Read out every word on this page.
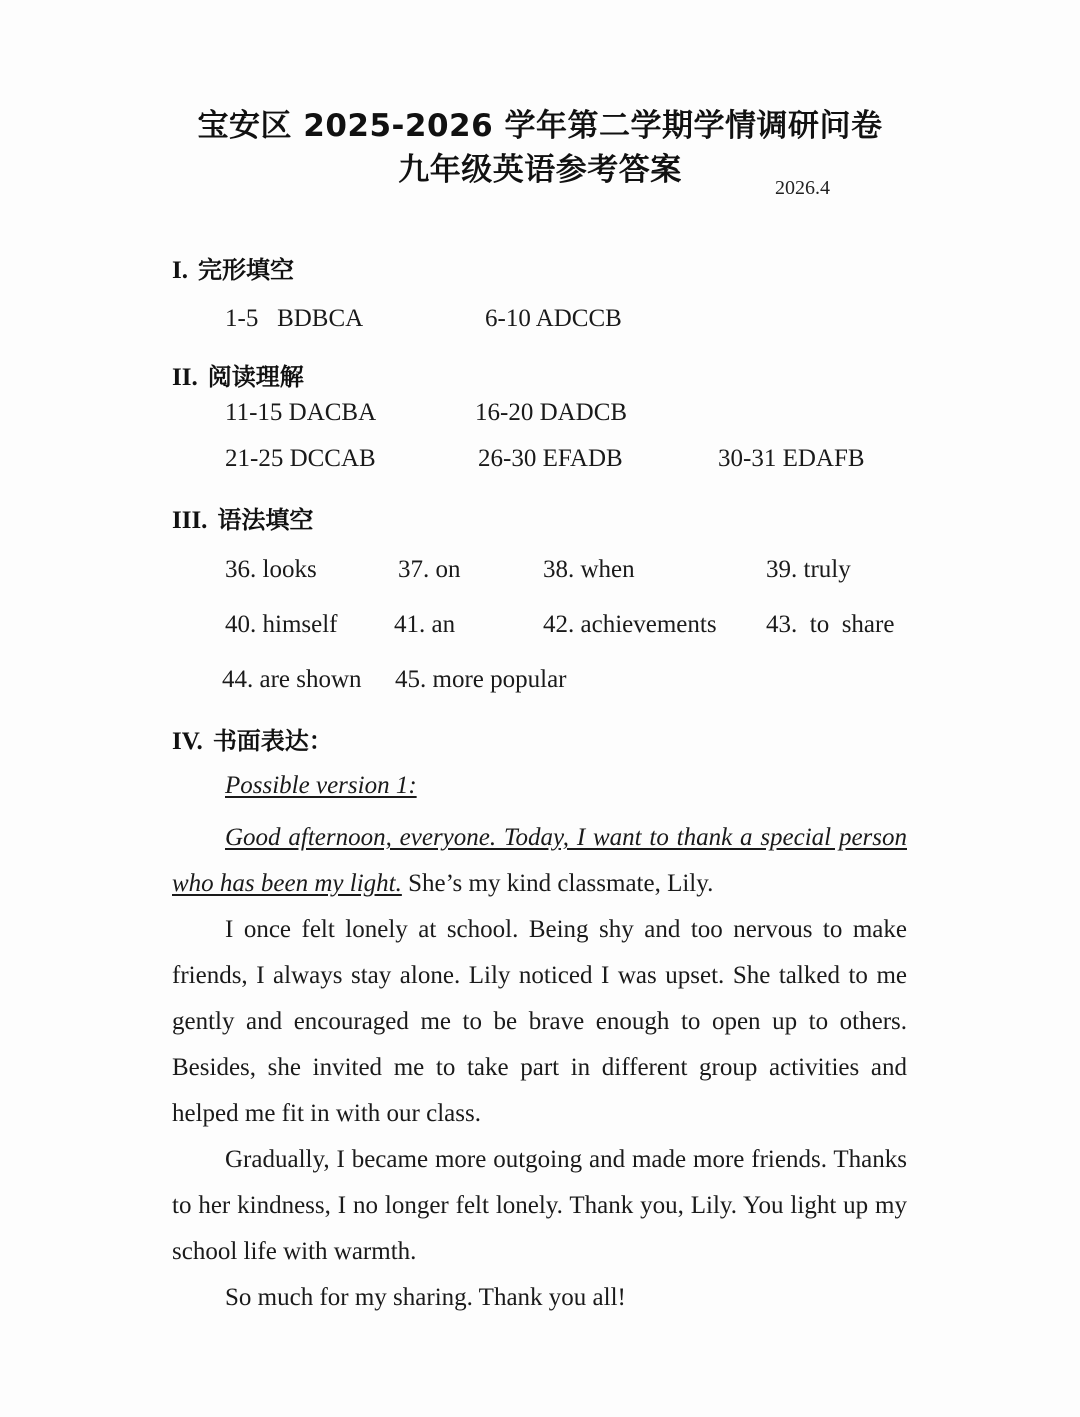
宝安区 2025-2026 学年第二学期学情调研问卷
九年级英语参考答案	2026.4
I. 完形填空
1-5   BDBCA	6-10 ADCCB
II. 阅读理解
11-15 DACBA	16-20 DADCB
21-25 DCCAB	26-30 EFADB	30-31 EDAFB
III. 语法填空
36. looks	37. on	38. when	39. truly
40. himself 41. an	42. achievements 43.  to  share
44. are shown 45. more popular
IV. 书面表达：
Possible version 1:

Good afternoon, everyone. Today, I want to thank a special person who has been my light. She’s my kind classmate, Lily.

I once felt lonely at school. Being shy and too nervous to make friends, I always stay alone. Lily noticed I was upset. She talked to me gently and encouraged me to be brave enough to open up to others. Besides, she invited me to take part in different group activities and helped me fit in with our class.

Gradually, I became more outgoing and made more friends. Thanks to her kindness, I no longer felt lonely. Thank you, Lily. You light up my school life with warmth.

So much for my sharing. Thank you all!
